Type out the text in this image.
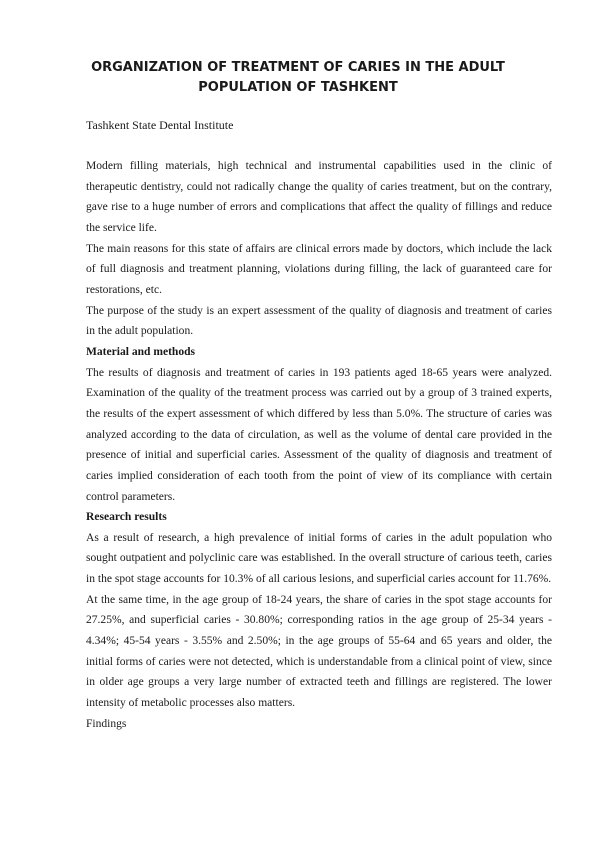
ORGANIZATION OF TREATMENT OF CARIES IN THE ADULT POPULATION OF TASHKENT

Tashkent State Dental Institute

Modern filling materials, high technical and instrumental capabilities used in the clinic of therapeutic dentistry, could not radically change the quality of caries treatment, but on the contrary, gave rise to a huge number of errors and complications that affect the quality of fillings and reduce the service life.

The main reasons for this state of affairs are clinical errors made by doctors, which include the lack of full diagnosis and treatment planning, violations during filling, the lack of guaranteed care for restorations, etc.

The purpose of the study is an expert assessment of the quality of diagnosis and treatment of caries in the adult population.

Material and methods

The results of diagnosis and treatment of caries in 193 patients aged 18-65 years were analyzed. Examination of the quality of the treatment process was carried out by a group of 3 trained experts, the results of the expert assessment of which differed by less than 5.0%. The structure of caries was analyzed according to the data of circulation, as well as the volume of dental care provided in the presence of initial and superficial caries. Assessment of the quality of diagnosis and treatment of caries implied consideration of each tooth from the point of view of its compliance with certain control parameters.

Research results

As a result of research, a high prevalence of initial forms of caries in the adult population who sought outpatient and polyclinic care was established. In the overall structure of carious teeth, caries in the spot stage accounts for 10.3% of all carious lesions, and superficial caries account for 11.76%.

At the same time, in the age group of 18-24 years, the share of caries in the spot stage accounts for 27.25%, and superficial caries - 30.80%; corresponding ratios in the age group of 25-34 years - 4.34%; 45-54 years - 3.55% and 2.50%; in the age groups of 55-64 and 65 years and older, the initial forms of caries were not detected, which is understandable from a clinical point of view, since in older age groups a very large number of extracted teeth and fillings are registered. The lower intensity of metabolic processes also matters.

Findings
